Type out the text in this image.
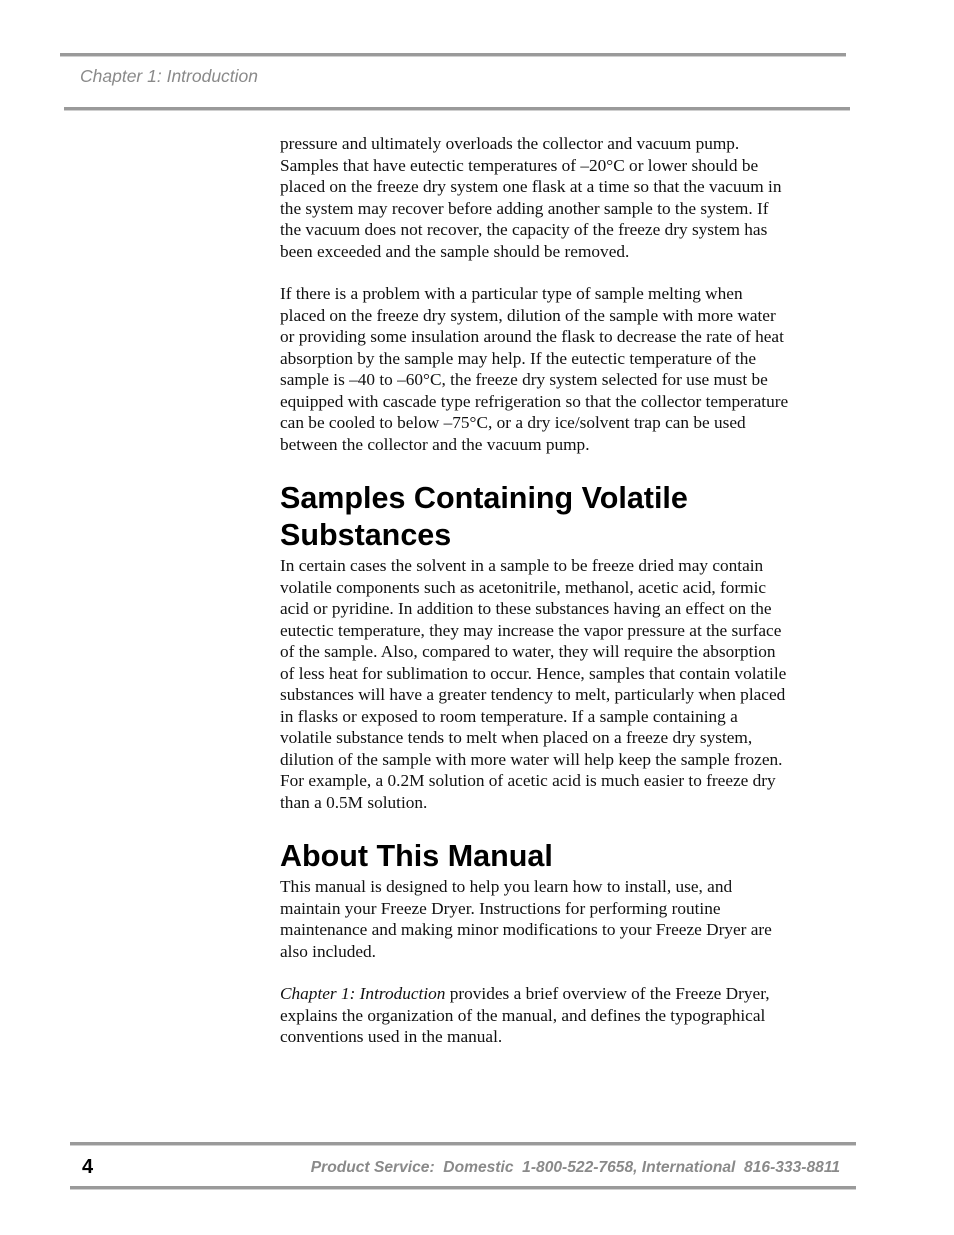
Chapter 1: Introduction

pressure and ultimately overloads the collector and vacuum pump. Samples that have eutectic temperatures of –20°C or lower should be placed on the freeze dry system one flask at a time so that the vacuum in the system may recover before adding another sample to the system. If the vacuum does not recover, the capacity of the freeze dry system has been exceeded and the sample should be removed.

If there is a problem with a particular type of sample melting when placed on the freeze dry system, dilution of the sample with more water or providing some insulation around the flask to decrease the rate of heat absorption by the sample may help. If the eutectic temperature of the sample is –40 to –60°C, the freeze dry system selected for use must be equipped with cascade type refrigeration so that the collector temperature can be cooled to below –75°C, or a dry ice/solvent trap can be used between the collector and the vacuum pump.

Samples Containing Volatile Substances

In certain cases the solvent in a sample to be freeze dried may contain volatile components such as acetonitrile, methanol, acetic acid, formic acid or pyridine. In addition to these substances having an effect on the eutectic temperature, they may increase the vapor pressure at the surface of the sample. Also, compared to water, they will require the absorption of less heat for sublimation to occur. Hence, samples that contain volatile substances will have a greater tendency to melt, particularly when placed in flasks or exposed to room temperature. If a sample containing a volatile substance tends to melt when placed on a freeze dry system, dilution of the sample with more water will help keep the sample frozen. For example, a 0.2M solution of acetic acid is much easier to freeze dry than a 0.5M solution.

About This Manual

This manual is designed to help you learn how to install, use, and maintain your Freeze Dryer. Instructions for performing routine maintenance and making minor modifications to your Freeze Dryer are also included.

Chapter 1: Introduction provides a brief overview of the Freeze Dryer, explains the organization of the manual, and defines the typographical conventions used in the manual.

4	Product Service:  Domestic  1-800-522-7658, International  816-333-8811
